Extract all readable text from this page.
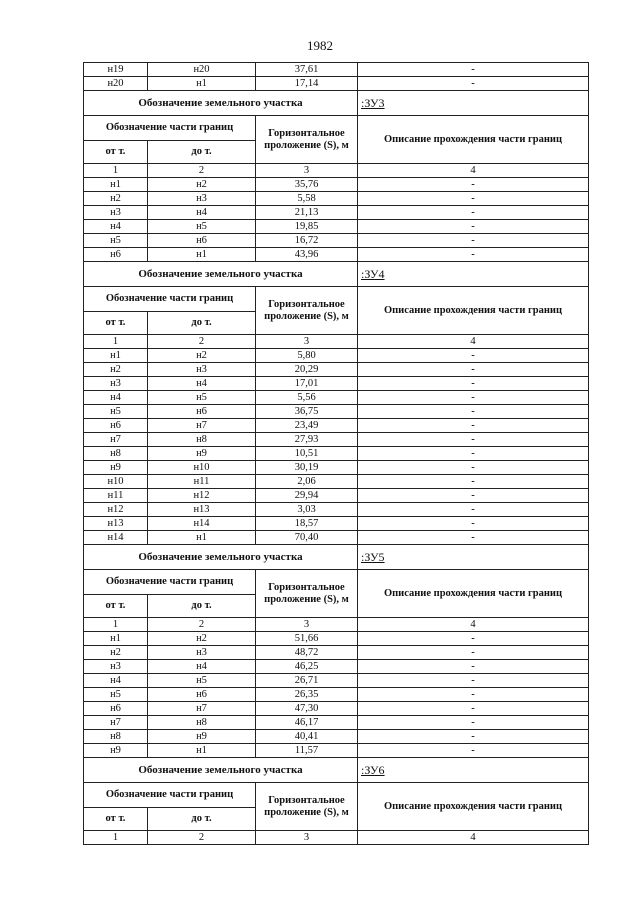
1982
н19	н20	37,61	-
н20	н1	17,14	-
Обозначение земельного участка			:ЗУ3
Обозначение части границ		Горизонтальное проложение (S), м	Описание прохождения части границ
от т.	до т.		
1	2	3	4
н1	н2	35,76	-
н2	н3	5,58	-
н3	н4	21,13	-
н4	н5	19,85	-
н5	н6	16,72	-
н6	н1	43,96	-
Обозначение земельного участка			:ЗУ4
Обозначение части границ		Горизонтальное проложение (S), м	Описание прохождения части границ
от т.	до т.		
1	2	3	4
н1	н2	5,80	-
н2	н3	20,29	-
н3	н4	17,01	-
н4	н5	5,56	-
н5	н6	36,75	-
н6	н7	23,49	-
н7	н8	27,93	-
н8	н9	10,51	-
н9	н10	30,19	-
н10	н11	2,06	-
н11	н12	29,94	-
н12	н13	3,03	-
н13	н14	18,57	-
н14	н1	70,40	-
Обозначение земельного участка			:ЗУ5
Обозначение части границ		Горизонтальное проложение (S), м	Описание прохождения части границ
от т.	до т.		
1	2	3	4
н1	н2	51,66	-
н2	н3	48,72	-
н3	н4	46,25	-
н4	н5	26,71	-
н5	н6	26,35	-
н6	н7	47,30	-
н7	н8	46,17	-
н8	н9	40,41	-
н9	н1	11,57	-
Обозначение земельного участка			:ЗУ6
Обозначение части границ		Горизонтальное проложение (S), м	Описание прохождения части границ
от т.	до т.		
1	2	3	4
